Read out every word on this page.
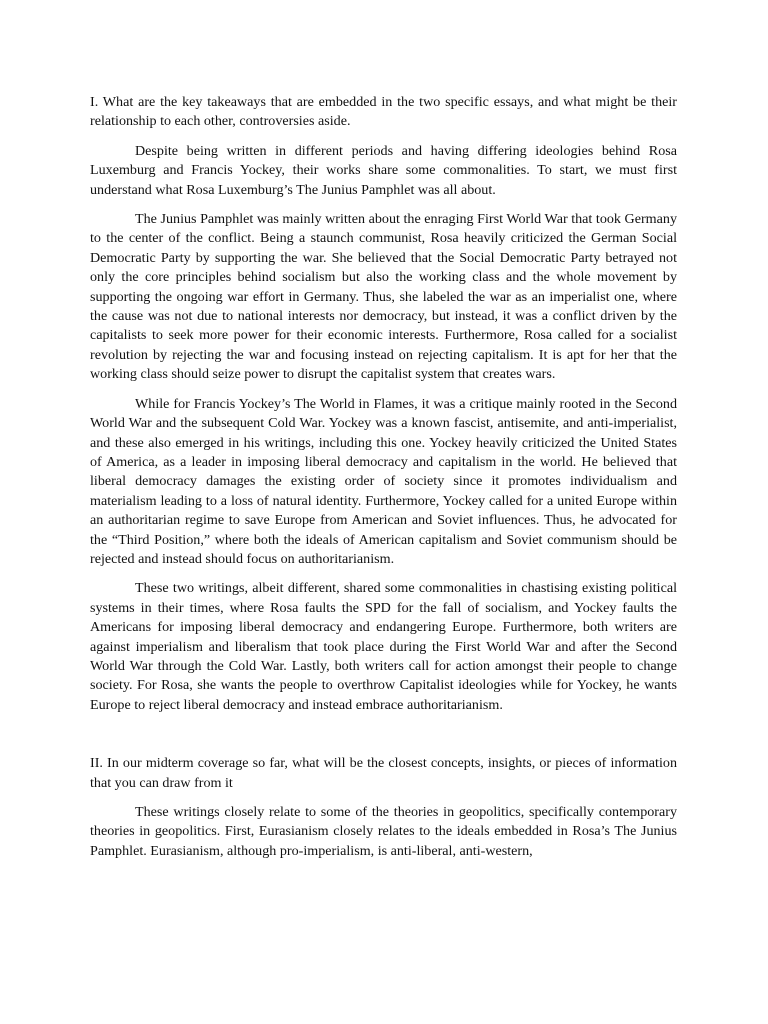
I. What are the key takeaways that are embedded in the two specific essays, and what might be their relationship to each other, controversies aside.

Despite being written in different periods and having differing ideologies behind Rosa Luxemburg and Francis Yockey, their works share some commonalities. To start, we must first understand what Rosa Luxemburg’s The Junius Pamphlet was all about.

The Junius Pamphlet was mainly written about the enraging First World War that took Germany to the center of the conflict. Being a staunch communist, Rosa heavily criticized the German Social Democratic Party by supporting the war. She believed that the Social Democratic Party betrayed not only the core principles behind socialism but also the working class and the whole movement by supporting the ongoing war effort in Germany. Thus, she labeled the war as an imperialist one, where the cause was not due to national interests nor democracy, but instead, it was a conflict driven by the capitalists to seek more power for their economic interests. Furthermore, Rosa called for a socialist revolution by rejecting the war and focusing instead on rejecting capitalism. It is apt for her that the working class should seize power to disrupt the capitalist system that creates wars.

While for Francis Yockey’s The World in Flames, it was a critique mainly rooted in the Second World War and the subsequent Cold War. Yockey was a known fascist, antisemite, and anti-imperialist, and these also emerged in his writings, including this one. Yockey heavily criticized the United States of America, as a leader in imposing liberal democracy and capitalism in the world. He believed that liberal democracy damages the existing order of society since it promotes individualism and materialism leading to a loss of natural identity. Furthermore, Yockey called for a united Europe within an authoritarian regime to save Europe from American and Soviet influences. Thus, he advocated for the “Third Position,” where both the ideals of American capitalism and Soviet communism should be rejected and instead should focus on authoritarianism.

These two writings, albeit different, shared some commonalities in chastising existing political systems in their times, where Rosa faults the SPD for the fall of socialism, and Yockey faults the Americans for imposing liberal democracy and endangering Europe. Furthermore, both writers are against imperialism and liberalism that took place during the First World War and after the Second World War through the Cold War. Lastly, both writers call for action amongst their people to change society. For Rosa, she wants the people to overthrow Capitalist ideologies while for Yockey, he wants Europe to reject liberal democracy and instead embrace authoritarianism.

II. In our midterm coverage so far, what will be the closest concepts, insights, or pieces of information that you can draw from it

These writings closely relate to some of the theories in geopolitics, specifically contemporary theories in geopolitics. First, Eurasianism closely relates to the ideals embedded in Rosa’s The Junius Pamphlet. Eurasianism, although pro-imperialism, is anti-liberal, anti-western,
